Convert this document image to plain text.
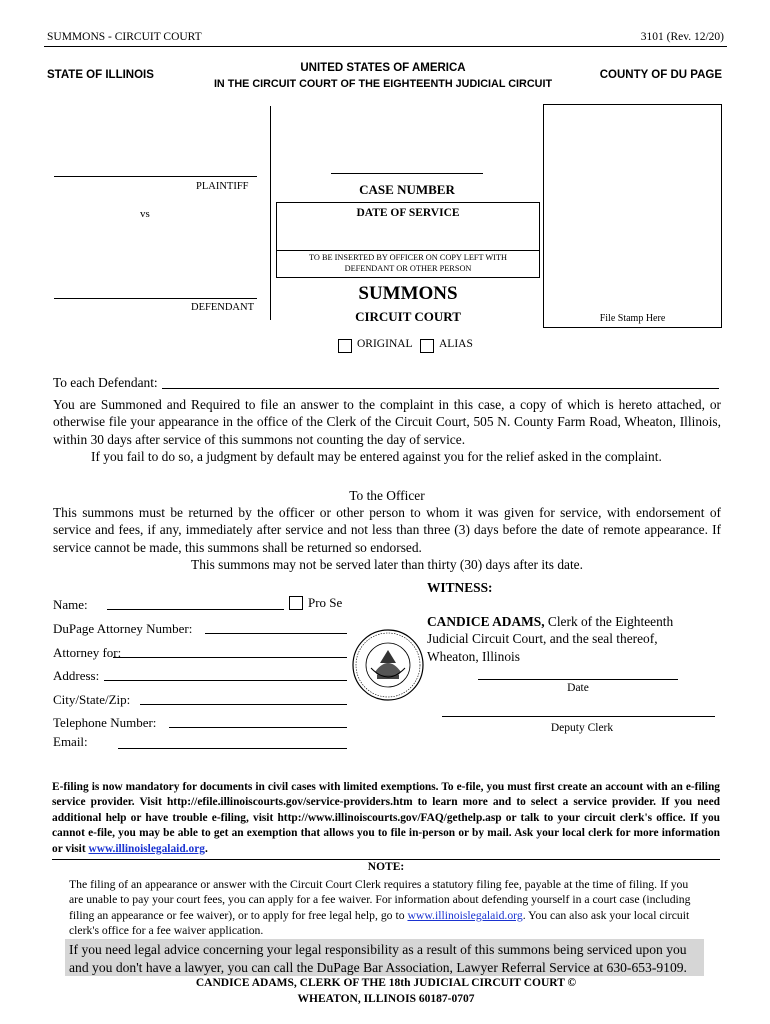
SUMMONS - CIRCUIT COURT	3101 (Rev. 12/20)
STATE OF ILLINOIS
UNITED STATES OF AMERICA
IN THE CIRCUIT COURT OF THE EIGHTEENTH JUDICIAL CIRCUIT
COUNTY OF DU PAGE
PLAINTIFF
vs
DEFENDANT
CASE NUMBER
DATE OF SERVICE
TO BE INSERTED BY OFFICER ON COPY LEFT WITH DEFENDANT OR OTHER PERSON
SUMMONS
CIRCUIT COURT
ORIGINAL ALIAS
File Stamp Here
To each Defendant:

You are Summoned and Required to file an answer to the complaint in this case, a copy of which is hereto attached, or otherwise file your appearance in the office of the Clerk of the Circuit Court, 505 N. County Farm Road, Wheaton, Illinois, within 30 days after service of this summons not counting the day of service.

If you fail to do so, a judgment by default may be entered against you for the relief asked in the complaint.

To the Officer

This summons must be returned by the officer or other person to whom it was given for service, with endorsement of service and fees, if any, immediately after service and not less than three (3) days before the date of remote appearance. If service cannot be made, this summons shall be returned so endorsed.

This summons may not be served later than thirty (30) days after its date.

Name:	Pro Se
DuPage Attorney Number:
Attorney for:
Address:
City/State/Zip:
Telephone Number:
Email:
WITNESS:

CANDICE ADAMS, Clerk of the Eighteenth

Judicial Circuit Court, and the seal thereof,

Wheaton, Illinois

Date
Deputy Clerk
E-filing is now mandatory for documents in civil cases with limited exemptions. To e-file, you must first create an account with an e-filing service provider. Visit http://efile.illinoiscourts.gov/service-providers.htm to learn more and to select a service provider. If you need additional help or have trouble e-filing, visit http://www.illinoiscourts.gov/FAQ/gethelp.asp or talk to your circuit clerk's office. If you cannot e-file, you may be able to get an exemption that allows you to file in-person or by mail. Ask your local clerk for more information or visit www.illinoislegalaid.org.
NOTE:
The filing of an appearance or answer with the Circuit Court Clerk requires a statutory filing fee, payable at the time of filing. If you are unable to pay your court fees, you can apply for a fee waiver. For information about defending yourself in a court case (including filing an appearance or fee waiver), or to apply for free legal help, go to www.illinoislegalaid.org. You can also ask your local circuit clerk's office for a fee waiver application.
If you need legal advice concerning your legal responsibility as a result of this summons being serviced upon you and you don't have a lawyer, you can call the DuPage Bar Association, Lawyer Referral Service at 630-653-9109.
CANDICE ADAMS, CLERK OF THE 18th JUDICIAL CIRCUIT COURT ©
WHEATON, ILLINOIS 60187-0707
